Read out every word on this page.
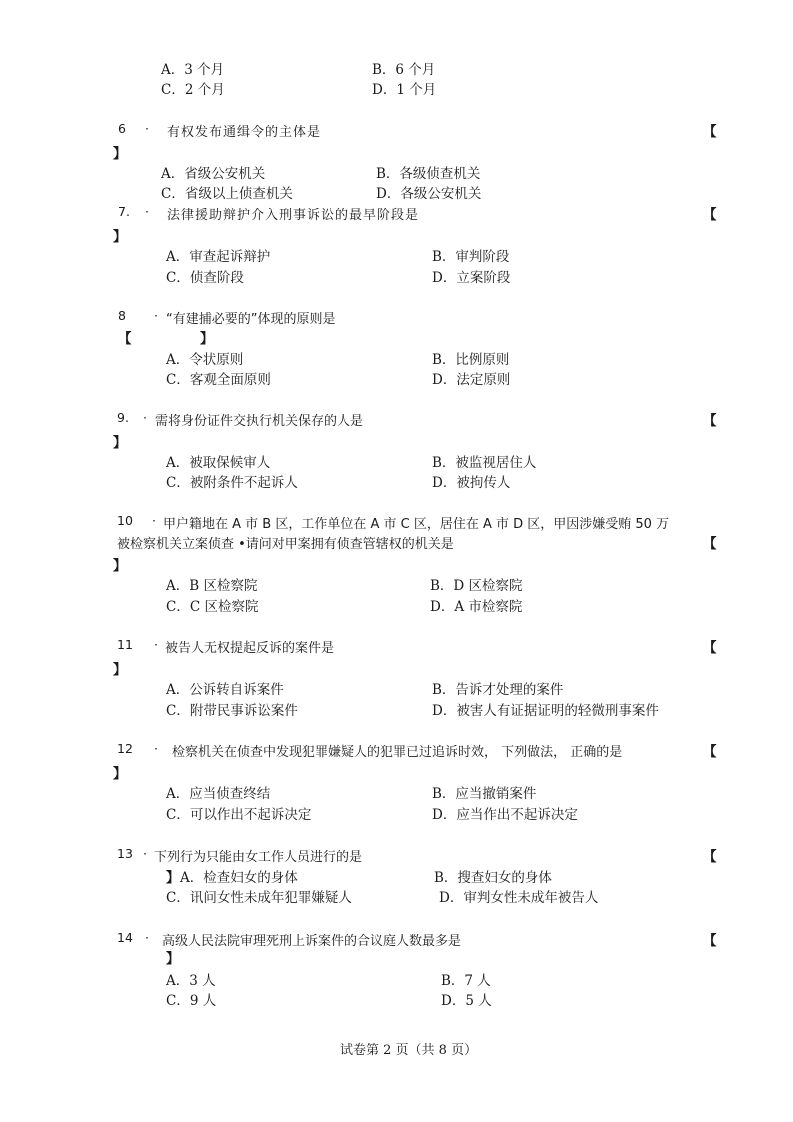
A．3 个月	B．6 个月
C．2 个月	D．1 个月
6 · 有权发布通缉令的主体是	【
】
A．省级公安机关	B．各级侦查机关
C．省级以上侦查机关	D．各级公安机关
7. · 法律援助辩护介入刑事诉讼的最早阶段是	【
】
A．审查起诉辩护	B．审判阶段
C．侦查阶段	D．立案阶段
8 · “有建捕必要的”体现的原则是
【	】
A．令状原则	B．比例原则
C．客观全面原则	D．法定原则
9. · 需将身份证件交执行机关保存的人是	【
】
A．被取保候审人	B．被监视居住人
C．被附条件不起诉人	D．被拘传人
10 · 甲户籍地在 A 市 B 区，工作单位在 A 市 C 区，居住在 A 市 D 区，甲因涉嫌受贿 50 万
被检察机关立案侦查 •请问对甲案拥有侦查管辖权的机关是	【
】
A．B 区检察院	B．D 区检察院
C．C 区检察院	D．A 市检察院
11 · 被告人无权提起反诉的案件是	【
】
A．公诉转自诉案件	B．告诉才处理的案件
C．附带民事诉讼案件	D．被害人有证据证明的轻微刑事案件
12 · 检察机关在侦查中发现犯罪嫌疑人的犯罪已过追诉时效， 下列做法， 正确的是	【
】
A．应当侦查终结	B．应当撤销案件
C．可以作出不起诉决定	D．应当作出不起诉决定
13 · 下列行为只能由女工作人员进行的是	【
】 A．检查妇女的身体	B．搜查妇女的身体
C．讯问女性未成年犯罪嫌疑人	D．审判女性未成年被告人
14 · 高级人民法院审理死刑上诉案件的合议庭人数最多是	【
】
A．3 人	B．7 人
C．9 人	D．5 人
试卷第 2 页（共 8 页）
